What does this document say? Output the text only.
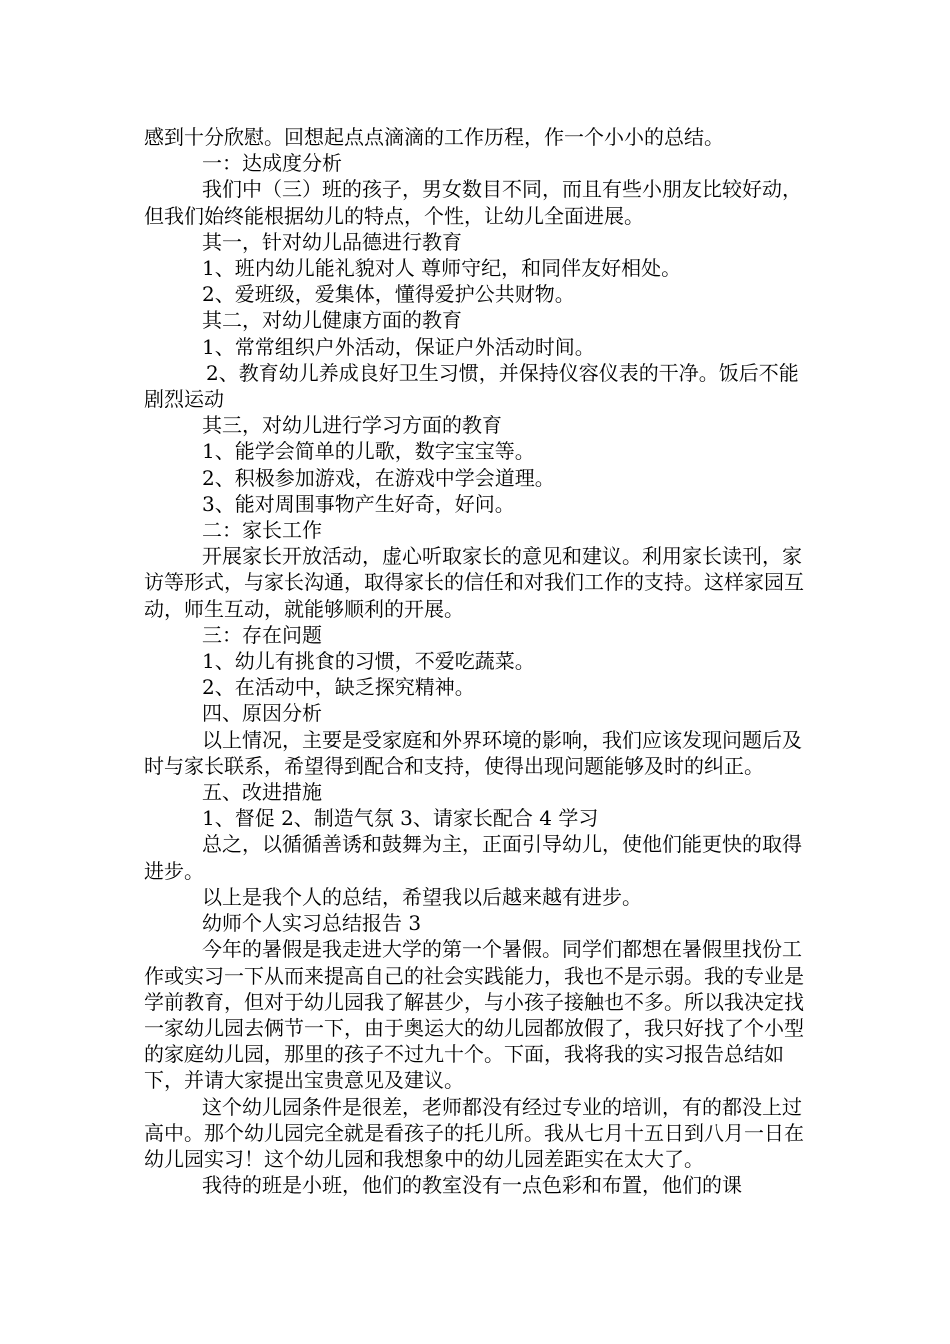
感到十分欣慰。回想起点点滴滴的工作历程，作一个小小的总结。

一：达成度分析

我们中（三）班的孩子，男女数目不同，而且有些小朋友比较好动，但我们始终能根据幼儿的特点，个性，让幼儿全面进展。

其一，针对幼儿品德进行教育

1、班内幼儿能礼貌对人 尊师守纪，和同伴友好相处。

2、爱班级，爱集体，懂得爱护公共财物。

其二，对幼儿健康方面的教育

1、常常组织户外活动，保证户外活动时间。

2、教育幼儿养成良好卫生习惯，并保持仪容仪表的干净。饭后不能剧烈运动

其三，对幼儿进行学习方面的教育

1、能学会简单的儿歌，数字宝宝等。

2、积极参加游戏，在游戏中学会道理。

3、能对周围事物产生好奇，好问。

二：家长工作

开展家长开放活动，虚心听取家长的意见和建议。利用家长读刊，家访等形式，与家长沟通，取得家长的信任和对我们工作的支持。这样家园互动，师生互动，就能够顺利的开展。

三：存在问题

1、幼儿有挑食的习惯，不爱吃蔬菜。

2、在活动中，缺乏探究精神。

四、原因分析

以上情况，主要是受家庭和外界环境的影响，我们应该发现问题后及时与家长联系，希望得到配合和支持，使得出现问题能够及时的纠正。

五、改进措施

1、督促 2、制造气氛 3、请家长配合 4 学习

总之，以循循善诱和鼓舞为主，正面引导幼儿，使他们能更快的取得进步。

以上是我个人的总结，希望我以后越来越有进步。

幼师个人实习总结报告 3

今年的暑假是我走进大学的第一个暑假。同学们都想在暑假里找份工作或实习一下从而来提高自己的社会实践能力，我也不是示弱。我的专业是学前教育，但对于幼儿园我了解甚少，与小孩子接触也不多。所以我决定找一家幼儿园去俩节一下，由于奥运大的幼儿园都放假了，我只好找了个小型的家庭幼儿园，那里的孩子不过九十个。下面，我将我的实习报告总结如下，并请大家提出宝贵意见及建议。

这个幼儿园条件是很差，老师都没有经过专业的培训，有的都没上过高中。那个幼儿园完全就是看孩子的托儿所。我从七月十五日到八月一日在幼儿园实习！这个幼儿园和我想象中的幼儿园差距实在太大了。

我待的班是小班，他们的教室没有一点色彩和布置，他们的课
